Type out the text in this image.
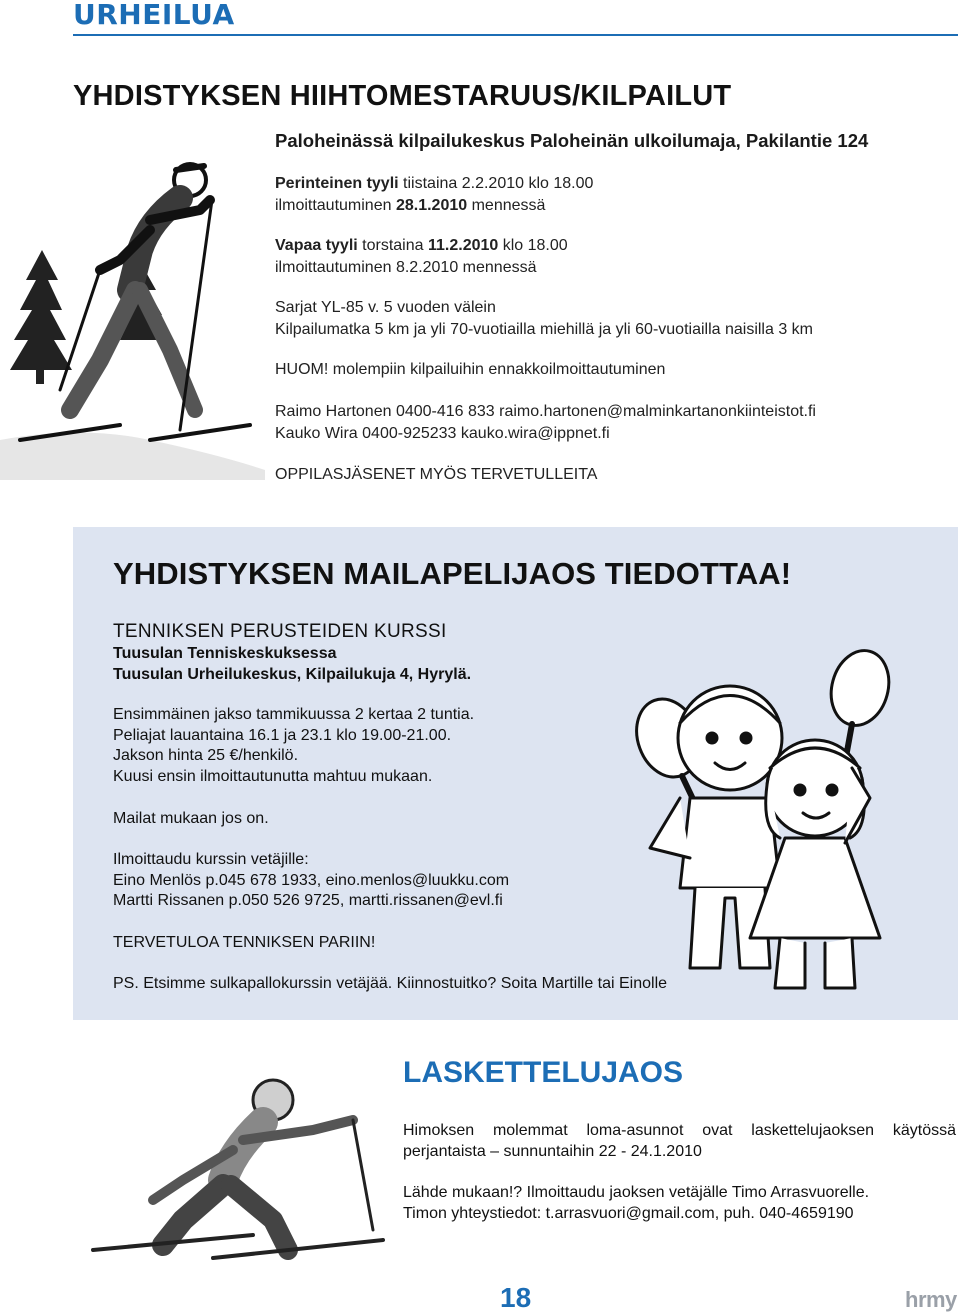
URHEILUA
YHDISTYKSEN HIIHTOMESTARUUS/KILPAILUT
Paloheinässä kilpailukeskus Paloheinän ulkoilumaja, Pakilantie 124

Perinteinen tyyli tiistaina 2.2.2010 klo 18.00

ilmoittautuminen 28.1.2010 mennessä

Vapaa tyyli torstaina 11.2.2010 klo 18.00

ilmoittautuminen 8.2.2010 mennessä

Sarjat YL-85 v. 5 vuoden välein

Kilpailumatka 5 km ja yli 70-vuotiailla miehillä ja yli 60-vuotiailla naisilla 3 km

HUOM! molempiin kilpailuihin ennakkoilmoittautuminen

Raimo Hartonen 0400-416 833 raimo.hartonen@malminkartanonkiinteistot.fi

Kauko Wira 0400-925233 kauko.wira@ippnet.fi

OPPILASJÄSENET MYÖS TERVETULLEITA

YHDISTYKSEN MAILAPELIJAOS TIEDOTTAA!

TENNIKSEN PERUSTEIDEN KURSSI

Tuusulan Tenniskeskuksessa

Tuusulan Urheilukeskus, Kilpailukuja 4, Hyrylä.

Ensimmäinen jakso tammikuussa 2 kertaa 2 tuntia.

Peliajat lauantaina 16.1 ja 23.1 klo 19.00-21.00.

Jakson hinta 25 €/henkilö.

Kuusi ensin ilmoittautunutta mahtuu mukaan.

Mailat mukaan jos on.

Ilmoittaudu kurssin vetäjille:

Eino Menlös p.045 678 1933, eino.menlos@luukku.com

Martti Rissanen p.050 526 9725, martti.rissanen@evl.fi

TERVETULOA TENNIKSEN PARIIN!

PS. Etsimme sulkapallokurssin vetäjää. Kiinnostuitko? Soita Martille tai Einolle

LASKETTELUJAOS

Himoksen molemmat loma-asunnot ovat laskettelujaoksen käytössä perjantaista – sunnuntaihin 22 - 24.1.2010

Lähde mukaan!? Ilmoittaudu jaoksen vetäjälle Timo Arrasvuorelle.

Timon yhteystiedot: t.arrasvuori@gmail.com, puh. 040-4659190

18	hrmy
